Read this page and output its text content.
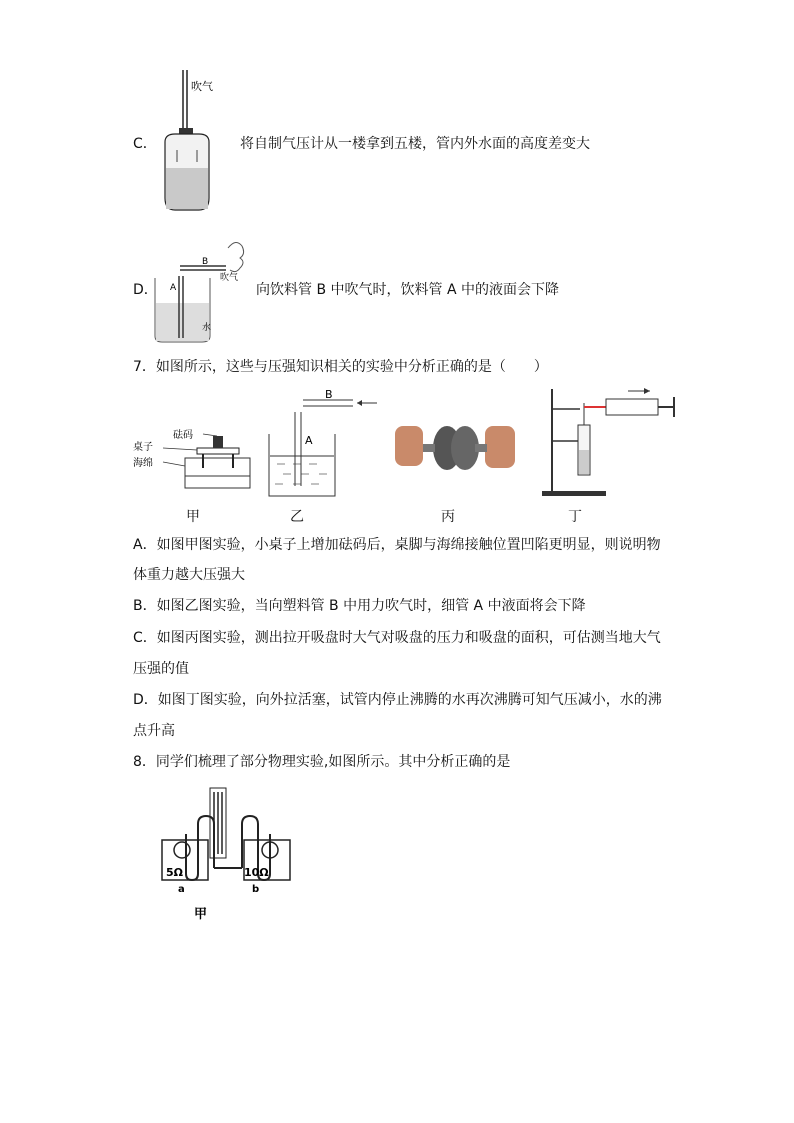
吹气
C．	将自制气压计从一楼拿到五楼，管内外水面的高度差变大
A
B
吹气
水
D．	向饮料管 B 中吹气时，饮料管 A 中的液面会下降
7．如图所示，这些与压强知识相关的实验中分析正确的是（　　）
砝码
桌子
海绵
B
A
甲	乙	丙	丁
A．如图甲图实验，小桌子上增加砝码后，桌脚与海绵接触位置凹陷更明显，则说明物
体重力越大压强大
B．如图乙图实验，当向塑料管 B 中用力吹气时，细管 A 中液面将会下降
C．如图丙图实验，测出拉开吸盘时大气对吸盘的压力和吸盘的面积，可估测当地大气
压强的值
D．如图丁图实验，向外拉活塞，试管内停止沸腾的水再次沸腾可知气压减小，水的沸
点升高
8．同学们梳理了部分物理实验,如图所示。其中分析正确的是
5Ω	10Ω
a	b
甲
